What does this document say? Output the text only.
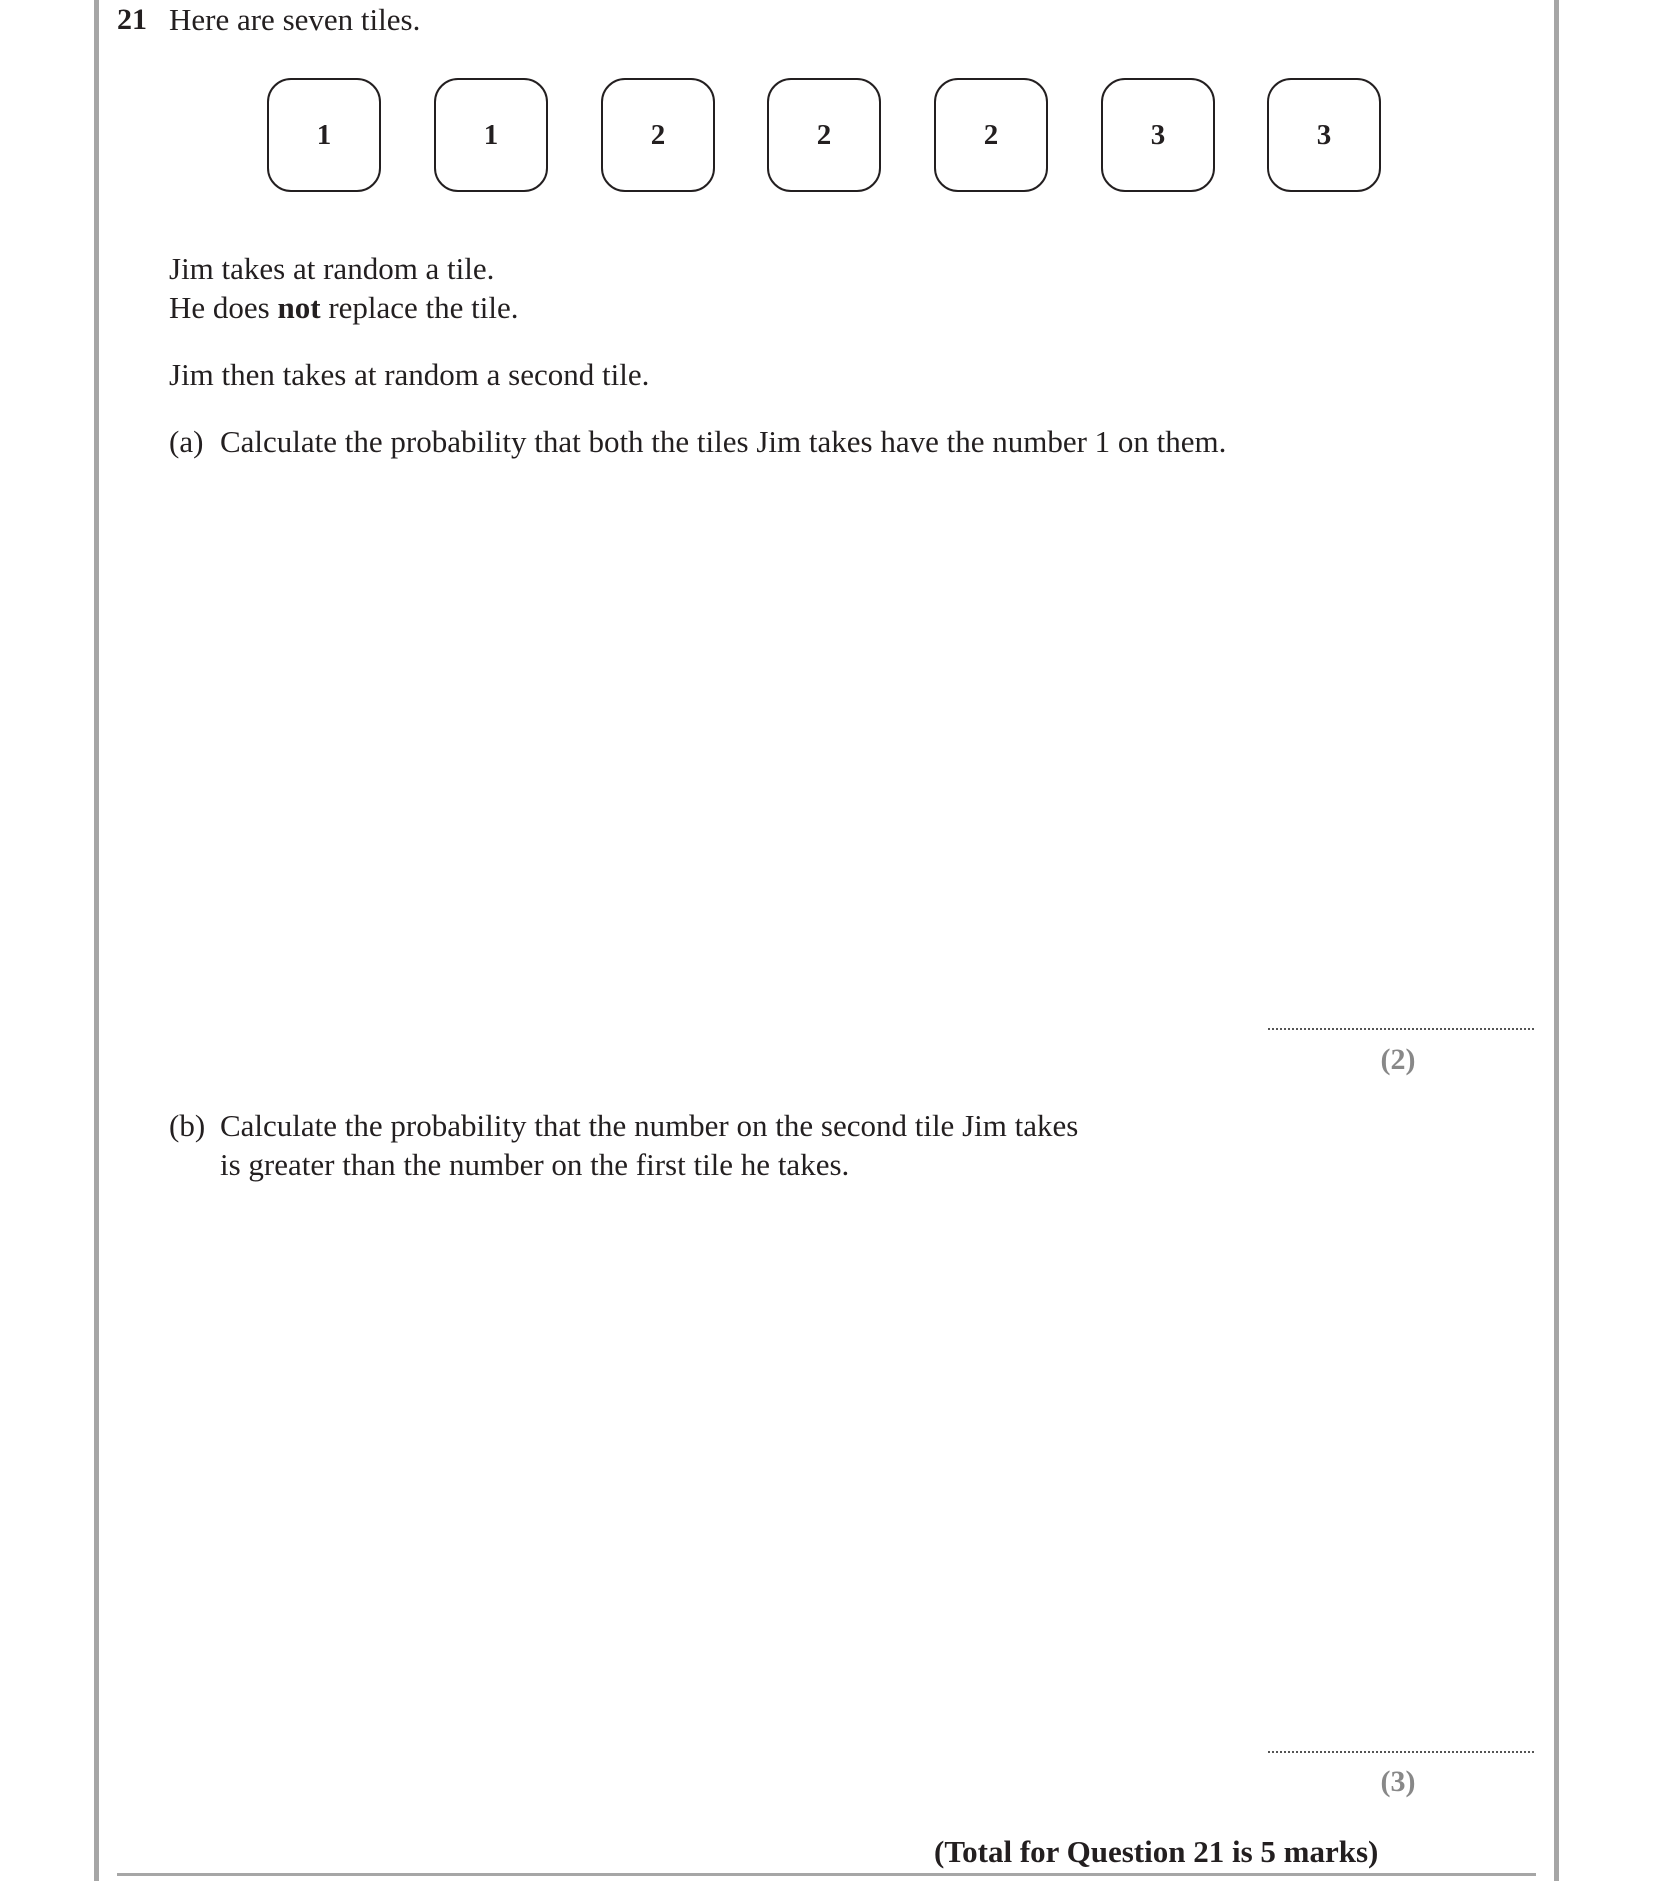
21 Here are seven tiles.
1	1	2	2	2	3	3
Jim takes at random a tile.
He does not replace the tile.
Jim then takes at random a second tile.
(a) Calculate the probability that both the tiles Jim takes have the number 1 on them.
(2)
(b) Calculate the probability that the number on the second tile Jim takes
is greater than the number on the first tile he takes.
(3)
(Total for Question 21 is 5 marks)
